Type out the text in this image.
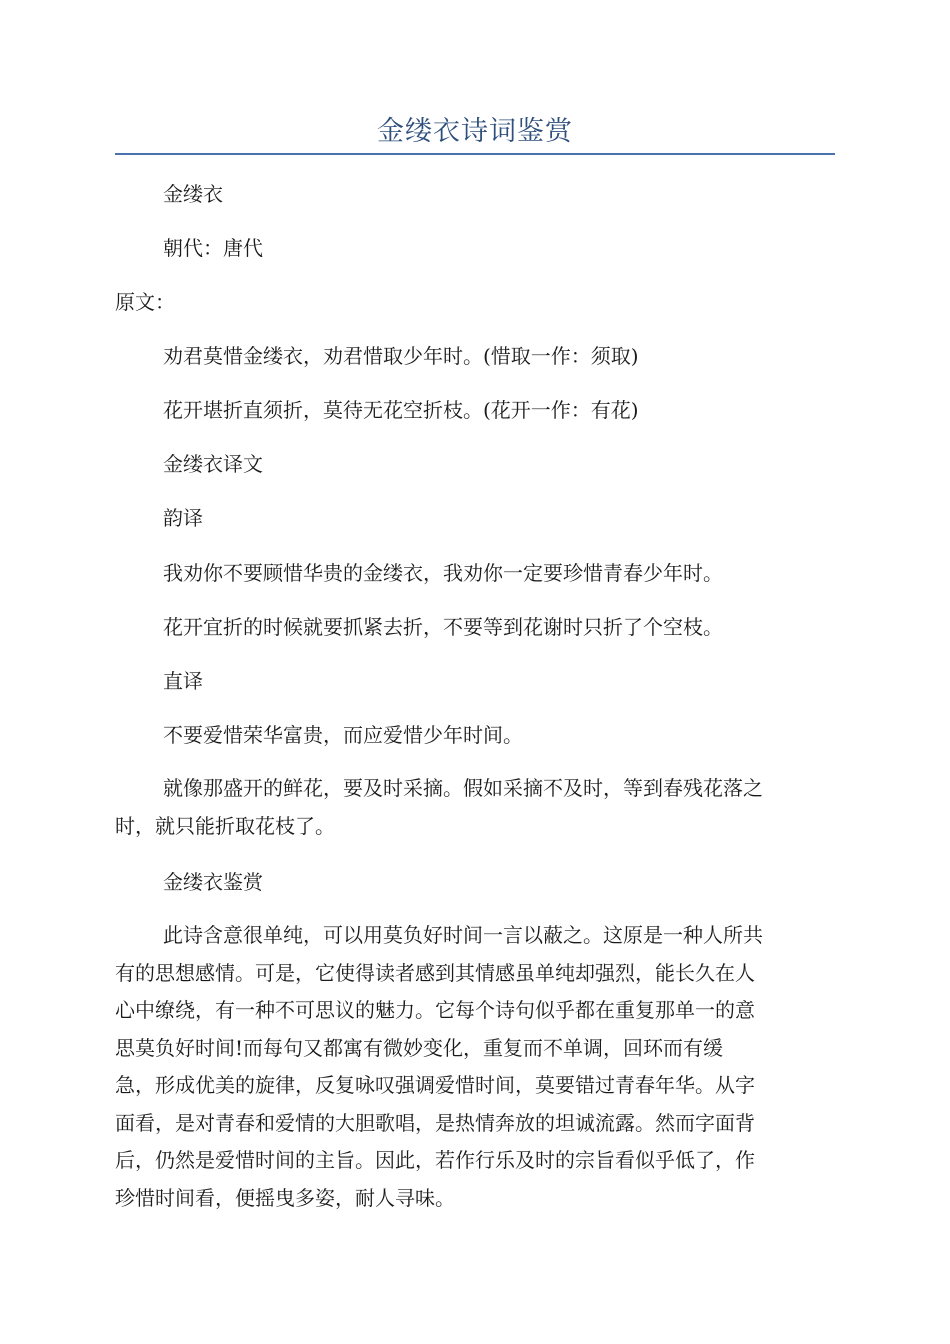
金缕衣诗词鉴赏

金缕衣

朝代：唐代

原文：

劝君莫惜金缕衣，劝君惜取少年时。(惜取一作：须取)

花开堪折直须折，莫待无花空折枝。(花开一作：有花)

金缕衣译文

韵译

我劝你不要顾惜华贵的金缕衣，我劝你一定要珍惜青春少年时。

花开宜折的时候就要抓紧去折，不要等到花谢时只折了个空枝。

直译

不要爱惜荣华富贵，而应爱惜少年时间。

就像那盛开的鲜花，要及时采摘。假如采摘不及时，等到春残花落之
时，就只能折取花枝了。

金缕衣鉴赏

此诗含意很单纯，可以用莫负好时间一言以蔽之。这原是一种人所共
有的思想感情。可是，它使得读者感到其情感虽单纯却强烈，能长久在人
心中缭绕，有一种不可思议的魅力。它每个诗句似乎都在重复那单一的意
思莫负好时间!而每句又都寓有微妙变化，重复而不单调，回环而有缓
急，形成优美的旋律，反复咏叹强调爱惜时间，莫要错过青春年华。从字
面看，是对青春和爱情的大胆歌唱，是热情奔放的坦诚流露。然而字面背
后，仍然是爱惜时间的主旨。因此，若作行乐及时的宗旨看似乎低了，作
珍惜时间看，便摇曳多姿，耐人寻味。
